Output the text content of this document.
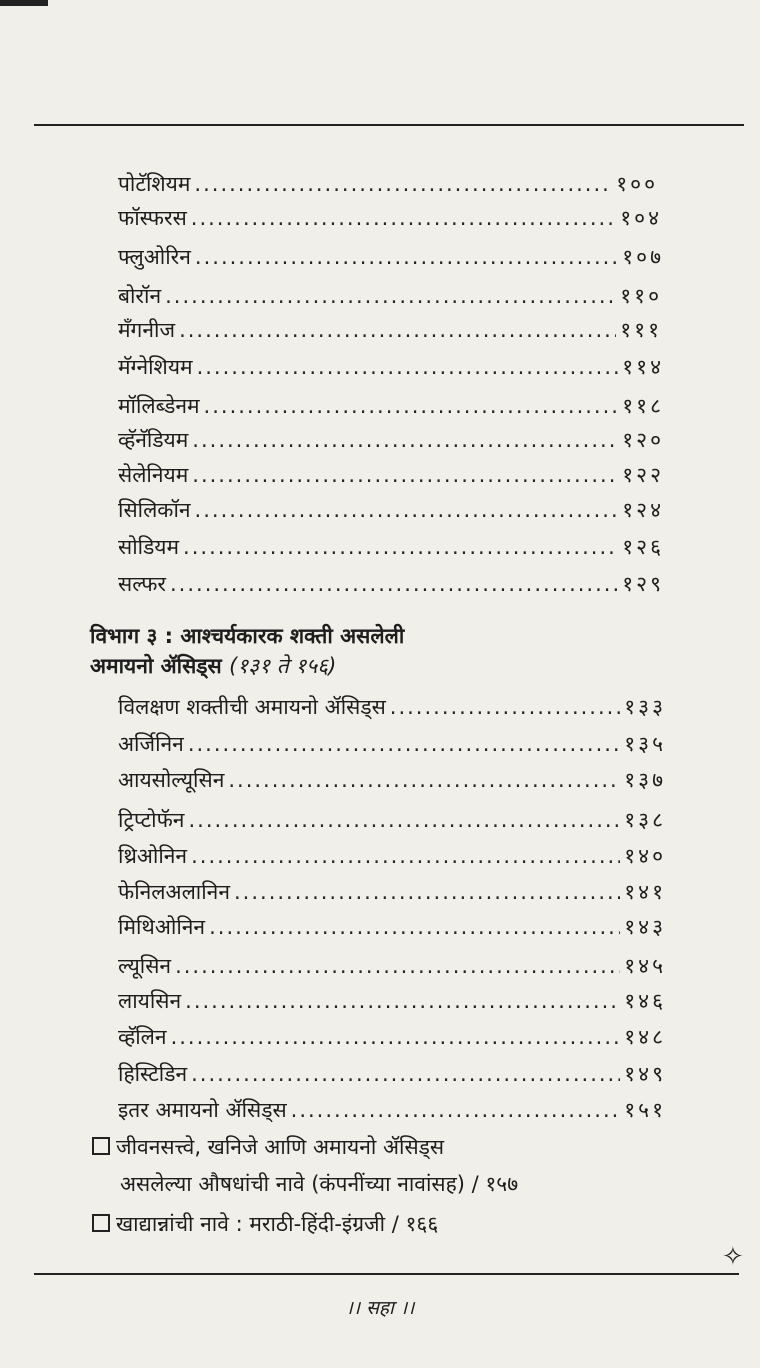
पोटॅशियम .....	१००
फॉस्फरस .....	१०४
फ्लुओरिन .....	१०७
बोरॉन .....	११०
मँगनीज .....	१११
मॅग्नेशियम .....	११४
मॉलिब्डेनम .....	११८
व्हॅनॅडियम .....	१२०
सेलेनियम .....	१२२
सिलिकॉन .....	१२४
सोडियम .....	१२६
सल्फर .....	१२९
विभाग ३ : आश्चर्यकारक शक्ती असलेली
अमायनो ॲसिड्स (१३१ ते १५६)
विलक्षण शक्तीची अमायनो ॲसिड्स .....	१३३
अर्जिनिन .....	१३५
आयसोल्यूसिन .....	१३७
ट्रिप्टोफॅन .....	१३८
थ्रिओनिन .....	१४०
फेनिलअलानिन .....	१४१
मिथिओनिन .....	१४३
ल्यूसिन .....	१४५
लायसिन .....	१४६
व्हॅलिन .....	१४८
हिस्टिडिन .....	१४९
इतर अमायनो ॲसिड्स .....	१५१
जीवनसत्त्वे, खनिजे आणि अमायनो ॲसिड्स
असलेल्या औषधांची नावे (कंपनींच्या नावांसह) / १५७
खाद्यान्नांची नावे : मराठी-हिंदी-इंग्रजी / १६६
✧
।। सहा ।।
